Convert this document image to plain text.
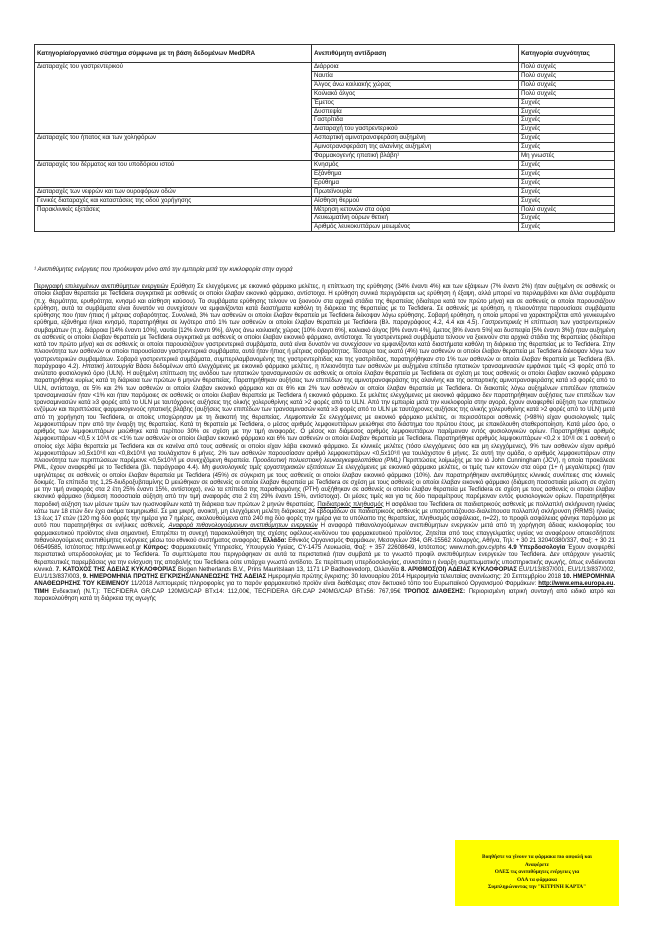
Κατηγορία/οργανικό σύστημα σύμφωνα με τη βάση δεδομένων MedDRA	Ανεπιθύμητη αντίδραση	Κατηγορία συχνότητας
Διαταραχές του γαστρεντερικού	Διάρροια	Πολύ συχνές
	Ναυτία	Πολύ συχνές
	Άλγος άνω κοιλιακής χώρας	Πολύ συχνές
	Κοιλιακό άλγος	Πολύ συχνές
	Έμετος	Συχνές
	Δυσπεψία	Συχνές
	Γαστρίτιδα	Συχνές
	Διαταραχή του γαστρεντερικού	Συχνές
Διαταραχές του ήπατος και των χοληφόρων	Ασπαρτική αμινοτρανσφεράση αυξημένη	Συχνές
	Αμινοτρανσφεράση της αλανίνης αυξημένη	Συχνές
	Φαρμακογενής ηπατική βλάβη¹	Μη γνωστές
Διαταραχές του δέρματος και του υποδόριου ιστού	Κνησμός	Συχνές
	Εξάνθημα	Συχνές
	Ερύθημα	Συχνές
Διαταραχές των νεφρών και των ουροφόρων οδών	Πρωτεϊνουρία	Συχνές
Γενικές διαταραχές και καταστάσεις της οδού χορήγησης	Αίσθηση θερμού	Συχνές
Παρακλινικές εξετάσεις	Μέτρηση κετονών στα ούρα	Πολύ συχνές
	Λευκωματίνη ούρων θετική	Συχνές
	Αριθμός λευκοκυττάρων μειωμένος	Συχνές
¹ Ανεπιθύμητες ενέργειες που προέκυψαν μόνο από την εμπειρία μετά την κυκλοφορία στην αγορά

Περιγραφή επιλεγμένων ανεπιθύμητων ενεργειών Ερύθηση Σε ελεγχόμενες με εικονικό φάρμακο μελέτες, η επίπτωση της ερύθησης (34% έναντι 4%) και των εξάψεων (7% έναντι 2%) ήταν αυξημένη σε ασθενείς οι οποίοι έλαβαν θεραπεία με Tecfidera συγκριτικά με ασθενείς οι οποίοι έλαβαν εικονικό φάρμακο, αντίστοιχα. Η ερύθηση συνικά περιγράφεται ως ερύθηση ή έξαψη, αλλά μπορεί να περιλαμβάνει και άλλα συμβάματα (π.χ. θερμότητα, ερυθρότητα, κνησμό και αίσθηση καύσου). Τα συμβάματα ερύθησης τείνουν να ξεκινούν στα αρχικά στάδια της θεραπείας (ιδιαίτερα κατά τον πρώτο μήνα) και σε ασθενείς οι οποίοι παρουσιάζουν ερύθηση, αυτά τα συμβάματα είναι δυνατόν να συνεχίσουν να εμφανίζονται κατά διαστήματα καθόλη τη διάρκεια της θεραπείας με το Tecfidera. Σε ασθενείς με ερύθηση, η πλειονότητα παρουσίασε συμβάματα ερύθησης που ήταν ήπιας ή μέτριας σοβαρότητας. Συνολικά, 3% των ασθενών οι οποίοι έλαβαν θεραπεία με Tecfidera διέκοψαν λόγω ερύθησης. Σοβαρή ερύθηση, η οποία μπορεί να χαρακτηρίζεται από γενικευμένο ερύθημα, εξάνθημα ή/και κνησμό, παρατηρήθηκε σε λιγότερο από 1% των ασθενών οι οποίοι έλαβαν θεραπεία με Tecfidera (Βλ. παραγράφους 4.2, 4.4 και 4.5). Γαστρεντερικές Η επίπτωση των γαστρεντερικών συμβαμάτων (π.χ. διάρροια [14% έναντι 10%], ναυτία [12% έναντι 9%], άλγος άνω κοιλιακής χώρας [10% έναντι 6%], κοιλιακό άλγος [9% έναντι 4%], έμετος [8% έναντι 5%] και δυσπεψία [5% έναντι 3%]) ήταν αυξημένη σε ασθενείς οι οποίοι έλαβαν θεραπεία με Tecfidera συγκριτικά με ασθενείς οι οποίοι έλαβαν εικονικό φάρμακο, αντίστοιχα. Τα γαστρεντερικά συμβάματα τείνουν να ξεκινούν στα αρχικά στάδια της θεραπείας (ιδιαίτερα κατά τον πρώτο μήνα) και σε ασθενείς οι οποίοι παρουσιάζουν γαστρεντερικά συμβάματα, αυτά είναι δυνατόν να συνεχίσουν να εμφανίζονται κατά διαστήματα καθόλη τη διάρκεια της θεραπείας με το Tecfidera. Στην πλειονότητα των ασθενών οι οποίοι παρουσίασαν γαστρεντερικά συμβάματα, αυτά ήταν ήπιας ή μέτριας σοβαρότητας. Τέσσερα τοις εκατό (4%) των ασθενών οι οποίοι έλαβαν θεραπεία με Tecfidera διέκοψαν λόγω των γαστρεντερικών συμβαμάτων. Σοβαρά γαστρεντερικά συμβάματα, συμπεριλαμβανομένης της γαστρεντερίτιδας και της γαστρίτιδας, παρατηρήθηκαν στο 1% των ασθενών οι οποίοι έλαβαν θεραπεία με Tecfidera (Βλ. παράγραφο 4.2). Ηπατική λειτουργία Βάσει δεδομένων από ελεγχόμενες με εικονικό φάρμακο μελέτες, η πλειονότητα των ασθενών με αυξημένα επίπεδα ηπατικών τρανσαμινασών εμφάνισε τιμές <3 φορές από το ανώτατο φυσιολογικό όριο (ULN). Η αυξημένη επίπτωση της ανόδου των ηπατικών τρανσαμινασών σε ασθενείς οι οποίοι έλαβαν θεραπεία με Tecfidera σε σχέση με τους ασθενείς οι οποίοι έλαβαν εικονικό φάρμακο παρατηρήθηκε κυρίως κατά τη διάρκεια των πρώτων 6 μηνών θεραπείας. Παρατηρήθηκαν αυξήσεις των επιπέδων της αμινοτρανσφεράσης της αλανίνης και της ασπαρτικής αμινοτρανσφεράσης κατά ≥3 φορές από το ULN, αντίστοιχα, σε 5% και 2% των ασθενών οι οποίοι έλαβαν εικονικό φάρμακο και σε 6% και 2% των ασθενών οι οποίοι έλαβαν θεραπεία με Tecfidera. Οι διακοπές λόγω αυξημένων επιπέδων ηπατικών τρανσαμινασών ήταν <1% και ήταν παρόμοιες σε ασθενείς οι οποίοι έλαβαν θεραπεία με Tecfidera ή εικονικό φάρμακο. Σε μελέτες ελεγχόμενες με εικονικό φάρμακο δεν παρατηρήθηκαν αυξήσεις των επιπέδων των τρανσαμινασών κατά ≥3 φορές από το ULN με ταυτόχρονες αυξήσεις της ολικής χολερυθρίνης κατά >2 φορές από το ULN. Από την εμπειρία μετά την κυκλοφορία στην αγορά, έχουν αναφερθεί αύξηση των ηπατικών ενζύμων και περιπτώσεις φαρμακογενούς ηπατικής βλάβης (αυξήσεις των επιπέδων των τρανσαμινασών κατά ≥3 φορές από το ULN με ταυτόχρονες αυξήσεις της ολικής χολερυθρίνης κατά >2 φορές από το ULN) μετά από τη χορήγηση του Tecfidera, οι οποίες υποχώρησαν με τη διακοπή της θεραπείας. Λεμφοπενία Σε ελεγχόμενες με εικονικό φάρμακο μελέτες, οι περισσότεροι ασθενείς (>98%) είχαν φυσιολογικές τιμές λεμφοκυττάρων πριν από την έναρξη της θεραπείας. Κατά τη θεραπεία με Tecfidera, ο μέσος αριθμός λεμφοκυττάρων μειώθηκε στο διάστημα του πρώτου έτους, με επακόλουθη σταθεροποίηση. Κατά μέσο όρο, ο αριθμός των λεμφοκυττάρων μειώθηκε κατά περίπου 30% σε σχέση με την τιμή αναφοράς. Ο μέσος και διάμεσος αριθμός λεμφοκυττάρων παρέμειναν εντός φυσιολογικών ορίων. Παρατηρήθηκε αριθμός λεμφοκυττάρων <0,5 x 10⁹/l σε <1% των ασθενών οι οποίοι έλαβαν εικονικό φάρμακο και 6% των ασθενών οι οποίοι έλαβαν θεραπεία με Tecfidera. Παρατηρήθηκε αριθμός λεμφοκυττάρων <0,2 x 10⁹/l σε 1 ασθενή ο οποίος είχε λάβει θεραπεία με Tecfidera και σε κανένα από τους ασθενείς οι οποίοι είχαν λάβει εικονικό φάρμακο. Σε κλινικές μελέτες (τόσο ελεγχόμενες όσο και μη ελεγχόμενες), 9% των ασθενών είχαν αριθμό λεμφοκυττάρων ≥0,5x10⁹/l και <0,8x10⁹/l για τουλάχιστον 6 μήνες. 2% των ασθενών παρουσίασαν αριθμό λεμφοκυττάρων <0,5x10⁹/l για τουλάχιστον 6 μήνες. Σε αυτή την ομάδα, ο αριθμός λεμφοκυττάρων στην πλειονότητα των περιπτώσεων παρέμεινε <0,5x10⁹/l με συνεχιζόμενη θεραπεία. Προοδευτική πολυεστιακή λευκοεγκεφαλοπάθεια (PML) Περιπτώσεις λοίμωξης με τον ιό John Cunningham (JCV), η οποία προκάλεσε PML, έχουν αναφερθεί με το Tecfidera (βλ. παράγραφο 4.4). Μη φυσιολογικές τιμές εργαστηριακών εξετάσεων Σε ελεγχόμενες με εικονικό φάρμακο μελέτες, οι τιμές των κετονών στα ούρα (1+ ή μεγαλύτερες) ήταν υψηλότερες σε ασθενείς οι οποίοι έλαβαν θεραπεία με Tecfidera (45%) σε σύγκριση με τους ασθενείς οι οποίοι έλαβαν εικονικό φάρμακο (10%). Δεν παρατηρήθηκαν ανεπιθύμητες κλινικές συνέπειες στις κλινικές δοκιμές. Τα επίπεδα της 1,25-διυδροξυβιταμίνης D μειώθηκαν σε ασθενείς οι οποίοι έλαβαν θεραπεία με Tecfidera σε σχέση με τους ασθενείς οι οποίοι έλαβαν εικονικό φάρμακο (διάμεση ποσοστιαία μείωση σε σχέση με την τιμή αναφοράς στα 2 έτη 25% έναντι 15%, αντίστοιχα), ενώ τα επίπεδα της παραθορμόνης (PTH) αυξήθηκαν σε ασθενείς οι οποίοι έλαβαν θεραπεία με Tecfidera σε σχέση με τους ασθενείς οι οποίοι έλαβαν εικονικό φάρμακο (διάμεση ποσοστιαία αύξηση από την τιμή αναφοράς στα 2 έτη 29% έναντι 15%, αντίστοιχα). Οι μέσες τιμές και για τις δύο παραμέτρους παρέμειναν εντός φυσιολογικών ορίων. Παρατηρήθηκε παροδική αύξηση των μέσων τιμών των ηωσινοφίλων κατά τη διάρκεια των πρώτων 2 μηνών θεραπείας. Παιδιατρικός πληθυσμός Η ασφάλεια του Tecfidera σε παιδιατρικούς ασθενείς με πολλαπλή σκλήρυνση ηλικίας κάτω των 18 ετών δεν έχει ακόμα τεκμηριωθεί. Σε μια μικρή, ανοικτή, μη ελεγχόμενη μελέτη διάρκειας 24 εβδομάδων σε παιδιατρικούς ασθενείς με υποτροπιάζουσα-διαλείπουσα πολλαπλή σκλήρυνση (RRMS) ηλικίας 13 έως 17 ετών (120 mg δύο φορές την ημέρα για 7 ημέρες, ακολουθούμενα από 240 mg δύο φορές την ημέρα για το υπόλοιπο της θεραπείας, πληθυσμός ασφάλειας, n=22), το προφίλ ασφάλειας φάνηκε παρόμοιο με αυτό που παρατηρήθηκε σε ενήλικες ασθενείς. Αναφορά πιθανολογούμενων ανεπιθύμητων ενεργειών Η αναφορά πιθανολογούμενων ανεπιθύμητων ενεργειών μετά από τη χορήγηση άδειας κυκλοφορίας του φαρμακευτικού προϊόντος είναι σημαντική. Επιτρέπει τη συνεχή παρακολούθηση της σχέσης οφέλους-κινδύνου του φαρμακευτικού προϊόντος. Ζητείται από τους επαγγελματίες υγείας να αναφέρουν οποιεσδήποτε πιθανολογούμενες ανεπιθύμητες ενέργειες μέσω του εθνικού συστήματος αναφοράς: Ελλάδα: Εθνικός Οργανισμός Φαρμάκων, Μεσογείων 284, GR-15562 Χολαργός, Αθήνα, Τηλ: + 30 21 32040380/337, Φαξ: + 30 21 06549585, Ιστότοπος: http://www.eof.gr Κύπρος: Φαρμακευτικές Υπηρεσίες, Υπουργείο Υγείας, CY-1475 Λευκωσία, Φαξ: + 357 22608649, Ιστότοπος: www.moh.gov.cy/phs 4.9 Υπερδοσολογία Έχουν αναφερθεί περιστατικά υπερδοσολογίας με το Tecfidera. Τα συμπτώματα που περιγράφηκαν σε αυτά τα περιστατικά ήταν συμβατά με το γνωστό προφίλ ανεπιθύμητων ενεργειών του Tecfidera. Δεν υπάρχουν γνωστές θεραπευτικές παρεμβάσεις για την ενίσχυση της αποβολής του Tecfidera ούτε υπάρχει γνωστό αντίδοτο. Σε περίπτωση υπερδοσολογίας, συνιστάται η έναρξη συμπτωματικής υποστηρικτικής αγωγής, όπως ενδείκνυται κλινικά. 7. ΚΑΤΟΧΟΣ ΤΗΣ ΑΔΕΙΑΣ ΚΥΚΛΟΦΟΡΙΑΣ Biogen Netherlands B.V., Prins Mauritslaan 13, 1171 LP Badhoevedorp, Ολλανδία 8. ΑΡΙΘΜΟΣ(ΟΙ) ΑΔΕΙΑΣ ΚΥΚΛΟΦΟΡΙΑΣ EU/1/13/837/001, EU/1/13/837/002, EU/1/13/837/003, 9. ΗΜΕΡΟΜΗΝΙΑ ΠΡΩΤΗΣ ΕΓΚΡΙΣΗΣ/ΑΝΑΝΕΩΣΗΣ ΤΗΣ ΑΔΕΙΑΣ Ημερομηνία πρώτης έγκρισης: 30 Ιανουαρίου 2014 Ημερομηνία τελευταίας ανανέωσης: 20 Σεπτεμβρίου 2018 10. ΗΜΕΡΟΜΗΝΙΑ ΑΝΑΘΕΩΡΗΣΗΣ ΤΟΥ ΚΕΙΜΕΝΟΥ 11/2018 Λεπτομερείς πληροφορίες για το παρόν φαρμακευτικό προϊόν είναι διαθέσιμες στον δικτυακό τόπο του Ευρωπαϊκού Οργανισμού Φαρμάκων: http://www.ema.europa.eu. ΤΙΜΗ Ενδεικτική (Ν.Τ.): TECFIDERA GR.CAP 120MG/CAP BTx14: 112,00€, TECFIDERA GR.CAP 240MG/CAP BTx56: 767,95€ ΤΡΟΠΟΣ ΔΙΑΘΕΣΗΣ: Περιορισμένη ιατρική συνταγή από ειδικό ιατρό και παρακολούθηση κατά τη διάρκεια της αγωγής

Βοηθήστε να γίνουν τα φάρμακα πιο ασφαλή και
Αναφέρετε
ΟΛΕΣ τις ανεπιθύμητες ενέργειες για
ΟΛΑ τα φάρμακα
Συμπληρώνοντας την "ΚΙΤΡΙΝΗ ΚΑΡΤΑ"
